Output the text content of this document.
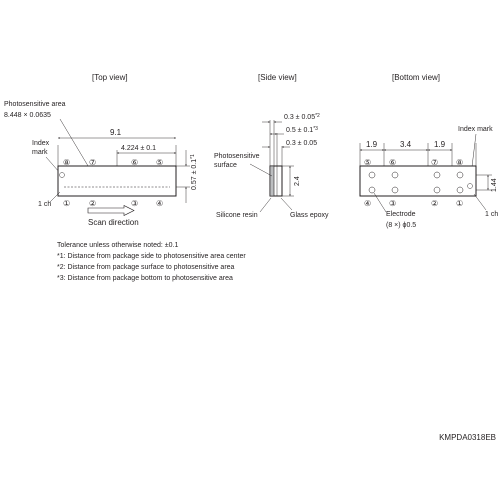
[Top view]	[Side view]	[Bottom view]
Photosensitive area
8.448 × 0.0635
9.1
4.224 ± 0.1
Index
mark
⑧ ⑦	⑥ ⑤
① ②	③ ④
$0.57 \pm 0.1^{*1}$
1 ch
Scan direction
$0.3 \pm 0.05^{*2}$
$0.5 \pm 0.1^{*3}$
0.3 ± 0.05
Photosensitive
surface
2.4
Silicone resin	Glass epoxy
1.9	3.4	1.9
Index mark
⑤ ⑥	⑦ ⑧
④ ③	② ①
1.44
Electrode
(8 ×) ϕ0.5
1 ch
Tolerance unless otherwise noted: ±0.1
*1: Distance from package side to photosensitive area center
*2: Distance from package surface to photosensitive area
*3: Distance from package bottom to photosensitive area
KMPDA0318EB
